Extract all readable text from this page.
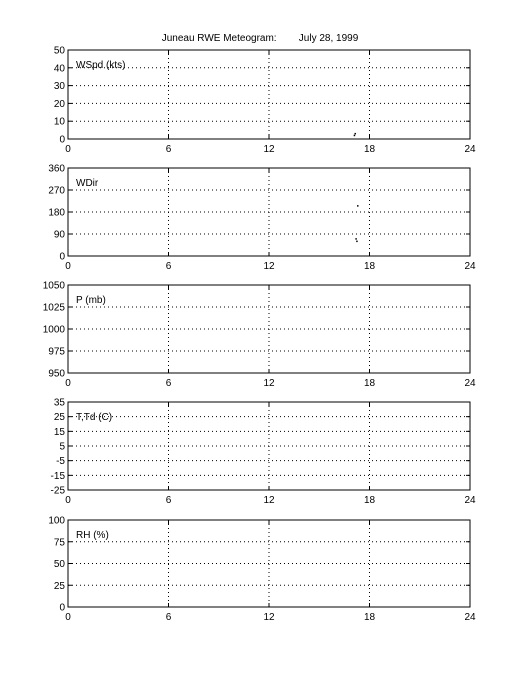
Juneau RWE Meteogram:        July 28, 1999
0	6	12	18	24
0
10
20
30
40
50
WSpd (kts)
0	6	12	18	24
0
90
180
270
360
WDir
0	6	12	18	24
950
975
1000
1025
1050
P (mb)
0	6	12	18	24
-25
-15
-5
5
15
25
35
T,Td (C)
0	6	12	18	24
0
25
50
75
100
RH (%)
